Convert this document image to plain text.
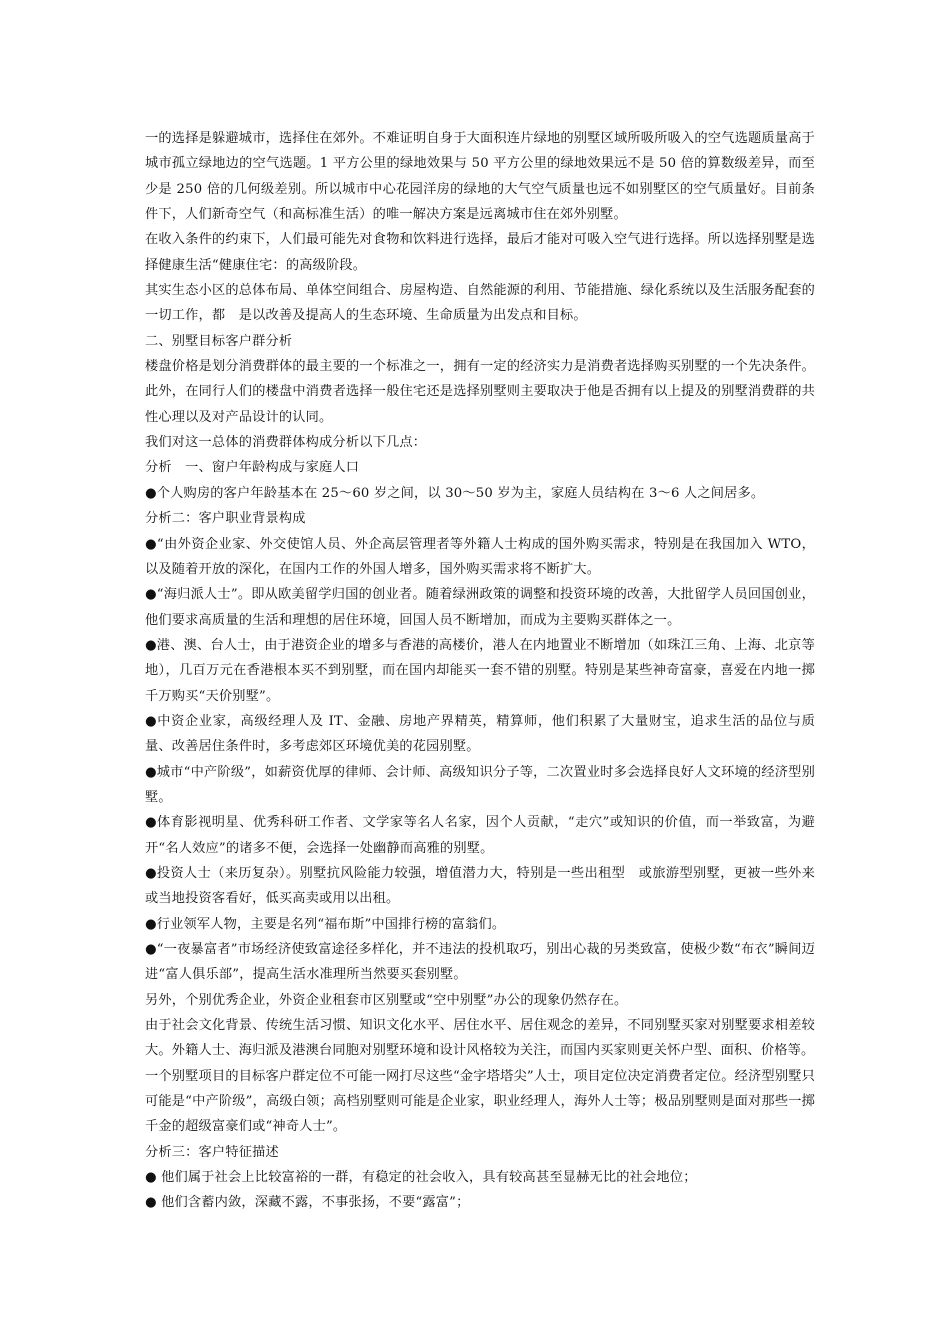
一的选择是躲避城市，选择住在郊外。不难证明自身于大面积连片绿地的别墅区域所吸所吸入的空气选题质量高于城市孤立绿地边的空气选题。1 平方公里的绿地效果与 50 平方公里的绿地效果远不是 50 倍的算数级差异，而至少是 250 倍的几何级差别。所以城市中心花园洋房的绿地的大气空气质量也远不如别墅区的空气质量好。目前条件下，人们新奇空气（和高标准生活）的唯一解决方案是远离城市住在郊外别墅。

在收入条件的约束下，人们最可能先对食物和饮料进行选择，最后才能对可吸入空气进行选择。所以选择别墅是选择健康生活“健康住宅：的高级阶段。

其实生态小区的总体布局、单体空间组合、房屋构造、自然能源的利用、节能措施、绿化系统以及生活服务配套的一切工作，都　是以改善及提高人的生态环境、生命质量为出发点和目标。

二、别墅目标客户群分析

楼盘价格是划分消费群体的最主要的一个标准之一，拥有一定的经济实力是消费者选择购买别墅的一个先决条件。此外，在同行人们的楼盘中消费者选择一般住宅还是选择别墅则主要取决于他是否拥有以上提及的别墅消费群的共性心理以及对产品设计的认同。

我们对这一总体的消费群体构成分析以下几点：

分析　一、窗户年龄构成与家庭人口

●个人购房的客户年龄基本在 25～60 岁之间，以 30～50 岁为主，家庭人员结构在 3～6 人之间居多。

分析二：客户职业背景构成

●“由外资企业家、外交使馆人员、外企高层管理者等外籍人士构成的国外购买需求，特别是在我国加入 WTO，以及随着开放的深化，在国内工作的外国人增多，国外购买需求将不断扩大。

●“海归派人士”。即从欧美留学归国的创业者。随着绿洲政策的调整和投资环境的改善，大批留学人员回国创业，他们要求高质量的生活和理想的居住环境，回国人员不断增加，而成为主要购买群体之一。

●港、澳、台人士，由于港资企业的增多与香港的高楼价，港人在内地置业不断增加（如珠江三角、上海、北京等地），几百万元在香港根本买不到别墅，而在国内却能买一套不错的别墅。特别是某些神奇富豪，喜爱在内地一掷千万购买“天价别墅”。

●中资企业家，高级经理人及 IT、金融、房地产界精英，精算师，他们积累了大量财宝，追求生活的品位与质量、改善居住条件时，多考虑郊区环境优美的花园别墅。

●城市“中产阶级”，如薪资优厚的律师、会计师、高级知识分子等，二次置业时多会选择良好人文环境的经济型别墅。

●体育影视明星、优秀科研工作者、文学家等名人名家，因个人贡献，“走穴”或知识的价值，而一举致富，为避开“名人效应”的诸多不便，会选择一处幽静而高雅的别墅。

●投资人士（来历复杂）。别墅抗风险能力较强，增值潜力大，特别是一些出租型　或旅游型别墅，更被一些外来或当地投资客看好，低买高卖或用以出租。

●行业领军人物，主要是名列“福布斯”中国排行榜的富翁们。

●“一夜暴富者”市场经济使致富途径多样化，并不违法的投机取巧，别出心裁的另类致富，使极少数“布衣”瞬间迈进“富人俱乐部”，提高生活水准理所当然要买套别墅。

另外，个别优秀企业，外资企业租套市区别墅或“空中别墅”办公的现象仍然存在。

由于社会文化背景、传统生活习惯、知识文化水平、居住水平、居住观念的差异，不同别墅买家对别墅要求相差较大。外籍人士、海归派及港澳台同胞对别墅环境和设计风格较为关注，而国内买家则更关怀户型、面积、价格等。

一个别墅项目的目标客户群定位不可能一网打尽这些“金字塔塔尖”人士，项目定位决定消费者定位。经济型别墅只可能是“中产阶级”，高级白领；高档别墅则可能是企业家，职业经理人，海外人士等；极品别墅则是面对那些一掷千金的超级富豪们或“神奇人士”。

分析三：客户特征描述

● 他们属于社会上比较富裕的一群，有稳定的社会收入，具有较高甚至显赫无比的社会地位；

● 他们含蓄内敛，深藏不露，不事张扬，不要“露富”；
